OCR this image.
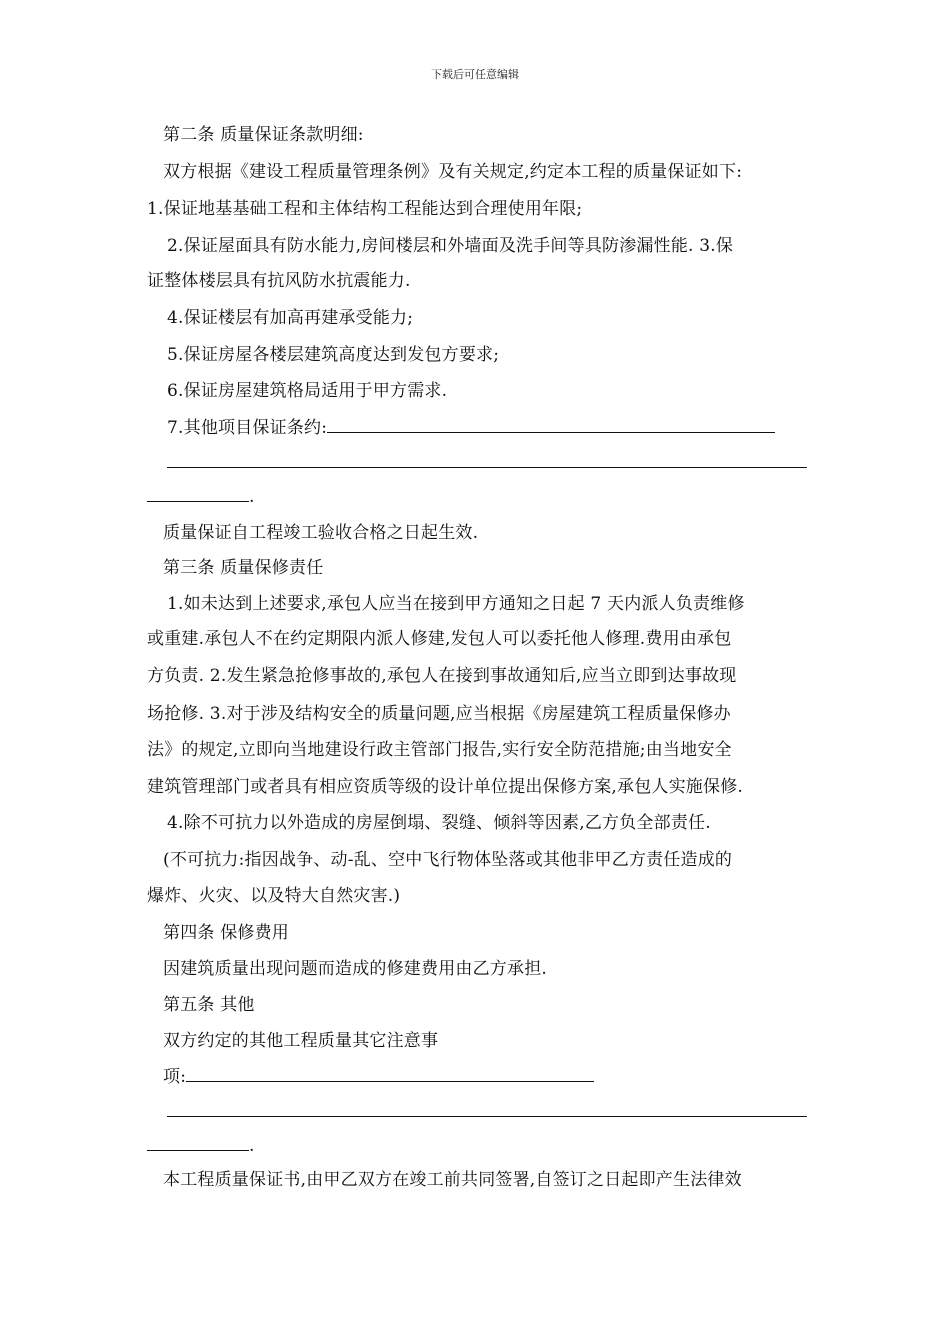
下载后可任意编辑
第二条 质量保证条款明细:
双方根据《建设工程质量管理条例》及有关规定,约定本工程的质量保证如下:
1.保证地基基础工程和主体结构工程能达到合理使用年限;
2.保证屋面具有防水能力,房间楼层和外墙面及洗手间等具防渗漏性能. 3.保
证整体楼层具有抗风防水抗震能力.
4.保证楼层有加高再建承受能力;
5.保证房屋各楼层建筑高度达到发包方要求;
6.保证房屋建筑格局适用于甲方需求.
7.其他项目保证条约:
.
质量保证自工程竣工验收合格之日起生效.
第三条 质量保修责任
1.如未达到上述要求,承包人应当在接到甲方通知之日起 7 天内派人负责维修
或重建.承包人不在约定期限内派人修建,发包人可以委托他人修理.费用由承包
方负责. 2.发生紧急抢修事故的,承包人在接到事故通知后,应当立即到达事故现
场抢修. 3.对于涉及结构安全的质量问题,应当根据《房屋建筑工程质量保修办
法》的规定,立即向当地建设行政主管部门报告,实行安全防范措施;由当地安全
建筑管理部门或者具有相应资质等级的设计单位提出保修方案,承包人实施保修.
4.除不可抗力以外造成的房屋倒塌、裂缝、倾斜等因素,乙方负全部责任.
(不可抗力:指因战争、动-乱、空中飞行物体坠落或其他非甲乙方责任造成的
爆炸、火灾、以及特大自然灾害.)
第四条 保修费用
因建筑质量出现问题而造成的修建费用由乙方承担.
第五条 其他
双方约定的其他工程质量其它注意事
项:
.
本工程质量保证书,由甲乙双方在竣工前共同签署,自签订之日起即产生法律效
